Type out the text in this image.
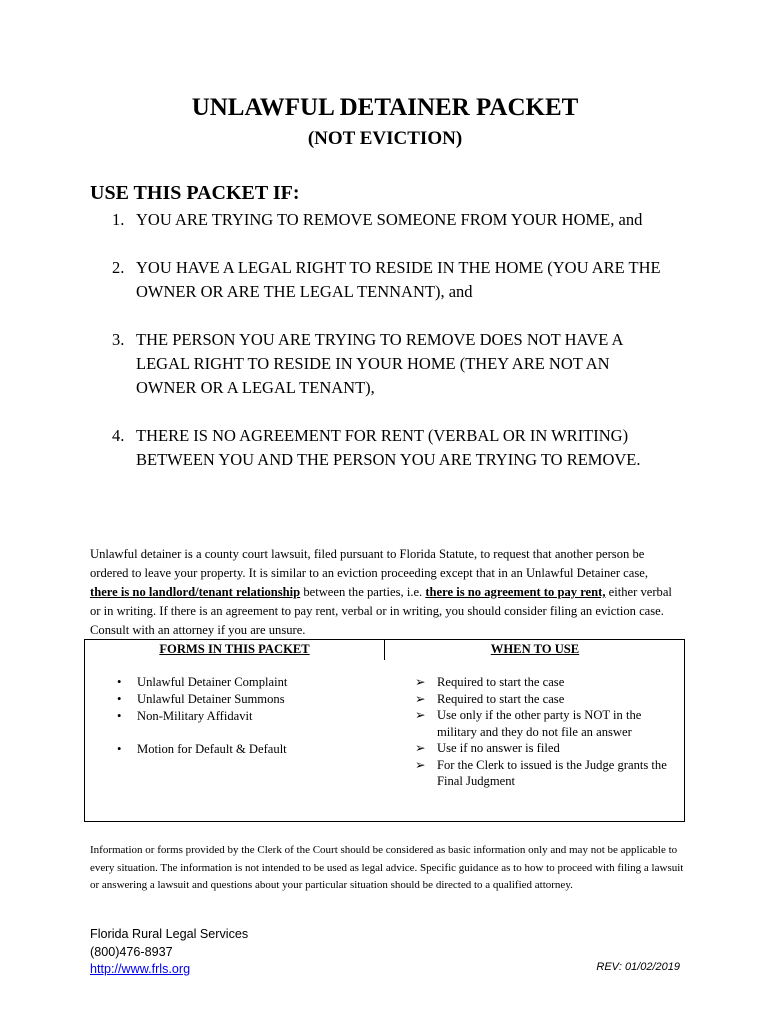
UNLAWFUL DETAINER PACKET
(NOT EVICTION)
USE THIS PACKET IF:
1. YOU ARE TRYING TO REMOVE SOMEONE FROM YOUR HOME, and
2. YOU HAVE A LEGAL RIGHT TO RESIDE IN THE HOME (YOU ARE THE OWNER OR ARE THE LEGAL TENNANT), and
3. THE PERSON YOU ARE TRYING TO REMOVE DOES NOT HAVE A LEGAL RIGHT TO RESIDE IN YOUR HOME (THEY ARE NOT AN OWNER OR A LEGAL TENANT),
4. THERE IS NO AGREEMENT FOR RENT (VERBAL OR IN WRITING) BETWEEN YOU AND THE PERSON YOU ARE TRYING TO REMOVE.

Unlawful detainer is a county court lawsuit, filed pursuant to Florida Statute, to request that another person be ordered to leave your property. It is similar to an eviction proceeding except that in an Unlawful Detainer case, there is no landlord/tenant relationship between the parties, i.e. there is no agreement to pay rent, either verbal or in writing. If there is an agreement to pay rent, verbal or in writing, you should consider filing an eviction case. Consult with an attorney if you are unsure.

FORMS IN THIS PACKET	WHEN TO USE
• Unlawful Detainer Complaint
• Unlawful Detainer Summons
• Non-Military Affidavit
• Motion for Default & Default
➢ Required to start the case
➢ Required to start the case
➢ Use only if the other party is NOT in the military and they do not file an answer
➢ Use if no answer is filed
➢ For the Clerk to issued is the Judge grants the Final Judgment

Information or forms provided by the Clerk of the Court should be considered as basic information only and may not be applicable to every situation. The information is not intended to be used as legal advice. Specific guidance as to how to proceed with filing a lawsuit or answering a lawsuit and questions about your particular situation should be directed to a qualified attorney.

Florida Rural Legal Services
(800)476-8937
http://www.frls.org	REV: 01/02/2019
